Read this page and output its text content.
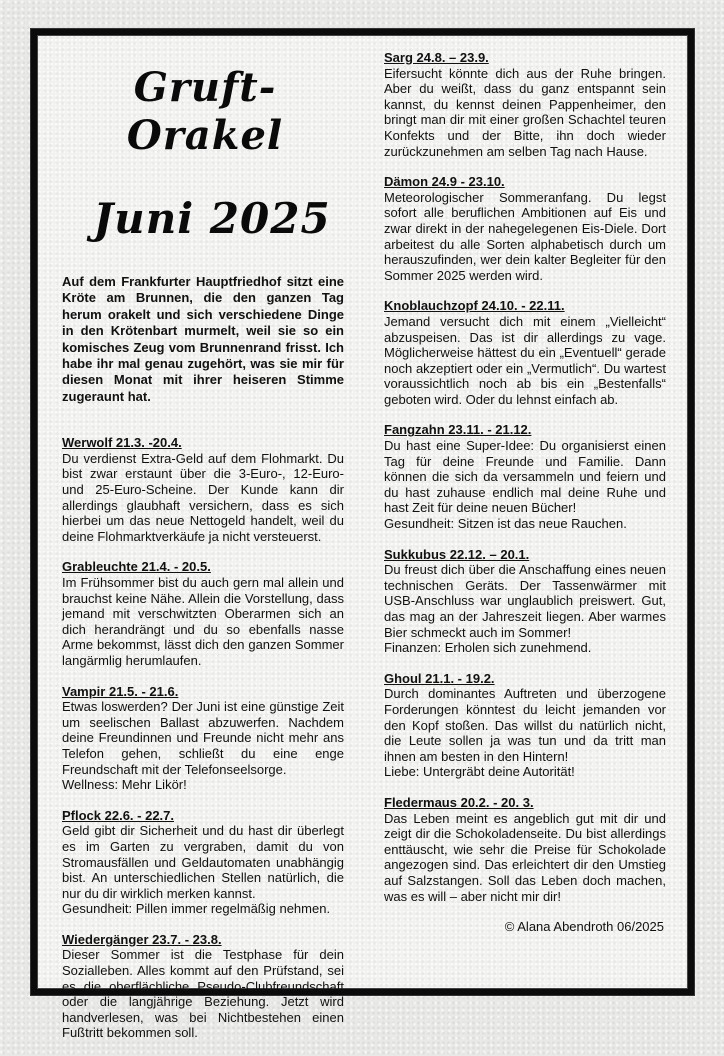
Gruft-Orakel
Juni 2025

Auf dem Frankfurter Hauptfriedhof sitzt eine Kröte am Brunnen, die den ganzen Tag herum orakelt und sich verschiedene Dinge in den Krötenbart murmelt, weil sie so ein komisches Zeug vom Brunnenrand frisst. Ich habe ihr mal genau zugehört, was sie mir für diesen Monat mit ihrer heiseren Stimme zugeraunt hat.

Werwolf 21.3. -20.4.

Du verdienst Extra-Geld auf dem Flohmarkt. Du bist zwar erstaunt über die 3-Euro-, 12-Euro- und 25-Euro-Scheine. Der Kunde kann dir allerdings glaubhaft versichern, dass es sich hierbei um das neue Nettogeld handelt, weil du deine Flohmarktverkäufe ja nicht versteuerst.

Grableuchte 21.4. - 20.5.

Im Frühsommer bist du auch gern mal allein und brauchst keine Nähe. Allein die Vorstellung, dass jemand mit verschwitzten Oberarmen sich an dich herandrängt und du so ebenfalls nasse Arme bekommst, lässt dich den ganzen Sommer langärmlig herumlaufen.

Vampir 21.5. - 21.6.

Etwas loswerden? Der Juni ist eine günstige Zeit um seelischen Ballast abzuwerfen. Nachdem deine Freundinnen und Freunde nicht mehr ans Telefon gehen, schließt du eine enge Freundschaft mit der Telefonseelsorge.
Wellness: Mehr Likör!

Pflock 22.6. - 22.7.

Geld gibt dir Sicherheit und du hast dir überlegt es im Garten zu vergraben, damit du von Stromausfällen und Geldautomaten unabhängig bist. An unterschiedlichen Stellen natürlich, die nur du dir wirklich merken kannst.
Gesundheit: Pillen immer regelmäßig nehmen.

Wiedergänger 23.7. - 23.8.

Dieser Sommer ist die Testphase für dein Sozialleben. Alles kommt auf den Prüfstand, sei es die oberflächliche Pseudo-Clubfreundschaft oder die langjährige Beziehung. Jetzt wird handverlesen, was bei Nichtbestehen einen Fußtritt bekommen soll.

Sarg 24.8. – 23.9.

Eifersucht könnte dich aus der Ruhe bringen. Aber du weißt, dass du ganz entspannt sein kannst, du kennst deinen Pappenheimer, den bringt man dir mit einer großen Schachtel teuren Konfekts und der Bitte, ihn doch wieder zurückzunehmen am selben Tag nach Hause.

Dämon 24.9 - 23.10.

Meteorologischer Sommeranfang. Du legst sofort alle beruflichen Ambitionen auf Eis und zwar direkt in der nahegelegenen Eis-Diele. Dort arbeitest du alle Sorten alphabetisch durch um herauszufinden, wer dein kalter Begleiter für den Sommer 2025 werden wird.

Knoblauchzopf 24.10. - 22.11.

Jemand versucht dich mit einem „Vielleicht“ abzuspeisen. Das ist dir allerdings zu vage. Möglicherweise hättest du ein „Eventuell“ gerade noch akzeptiert oder ein „Vermutlich“. Du wartest voraussichtlich noch ab bis ein „Bestenfalls“ geboten wird. Oder du lehnst einfach ab.

Fangzahn 23.11. - 21.12.

Du hast eine Super-Idee: Du organisierst einen Tag für deine Freunde und Familie. Dann können die sich da versammeln und feiern und du hast zuhause endlich mal deine Ruhe und hast Zeit für deine neuen Bücher!
Gesundheit: Sitzen ist das neue Rauchen.

Sukkubus 22.12. – 20.1.

Du freust dich über die Anschaffung eines neuen technischen Geräts. Der Tassenwärmer mit USB-Anschluss war unglaublich preiswert. Gut, das mag an der Jahreszeit liegen. Aber warmes Bier schmeckt auch im Sommer!
Finanzen: Erholen sich zunehmend.

Ghoul 21.1. - 19.2.

Durch dominantes Auftreten und überzogene Forderungen könntest du leicht jemanden vor den Kopf stoßen. Das willst du natürlich nicht, die Leute sollen ja was tun und da tritt man ihnen am besten in den Hintern!
Liebe: Untergräbt deine Autorität!

Fledermaus 20.2. - 20. 3.

Das Leben meint es angeblich gut mit dir und zeigt dir die Schokoladenseite. Du bist allerdings enttäuscht, wie sehr die Preise für Schokolade angezogen sind. Das erleichtert dir den Umstieg auf Salzstangen. Soll das Leben doch machen, was es will – aber nicht mir dir!

© Alana Abendroth 06/2025
